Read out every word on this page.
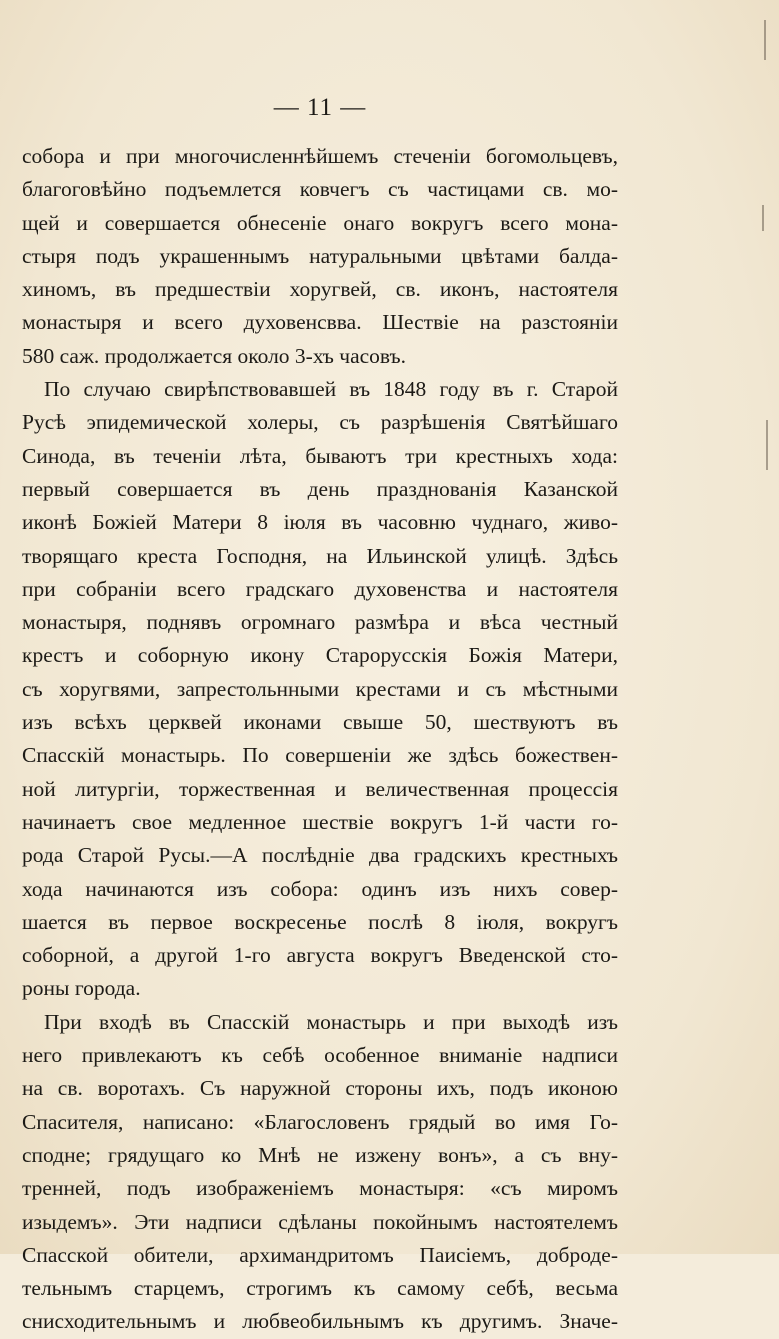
— 11 —
собора и при многочисленнѣйшемъ стеченіи богомольцевъ,
благоговѣйно подъемлется ковчегъ съ частицами св. мо-
щей и совершается обнесеніе онаго вокругъ всего мона-
стыря подъ украшеннымъ натуральными цвѣтами балда-
хиномъ, въ предшествіи хоругвей, св. иконъ, настоятеля
монастыря и всего духовенсвва. Шествіе на разстояніи
580 саж. продолжается около 3-хъ часовъ.
По случаю свирѣпствовавшей въ 1848 году въ г. Старой
Русѣ эпидемической холеры, съ разрѣшенія Святѣйшаго
Синода, въ теченіи лѣта, бываютъ три крестныхъ хода:
первый совершается въ день празднованія Казанской
иконѣ Божіей Матери 8 іюля въ часовню чуднаго, живо-
творящаго креста Господня, на Ильинской улицѣ. Здѣсь
при собраніи всего градскаго духовенства и настоятеля
монастыря, поднявъ огромнаго размѣра и вѣса честный
крестъ и соборную икону Старорусскія Божія Матери,
съ хоругвями, запрестольнными крестами и съ мѣстными
изъ всѣхъ церквей иконами свыше 50, шествуютъ въ
Спасскій монастырь. По совершеніи же здѣсь божествен-
ной литургіи, торжественная и величественная процессія
начинаетъ свое медленное шествіе вокругъ 1-й части го-
рода Старой Русы.—А послѣдніе два градскихъ крестныхъ
хода начинаются изъ собора: одинъ изъ нихъ совер-
шается въ первое воскресенье послѣ 8 іюля, вокругъ
соборной, а другой 1-го августа вокругъ Введенской сто-
роны города.
При входѣ въ Спасскій монастырь и при выходѣ изъ
него привлекаютъ къ себѣ особенное вниманіе надписи
на св. воротахъ. Съ наружной стороны ихъ, подъ иконою
Спасителя, написано: «Благословенъ грядый во имя Го-
сподне; грядущаго ко Мнѣ не изжену вонъ», а съ вну-
тренней, подъ изображеніемъ монастыря: «съ миромъ
изыдемъ». Эти надписи сдѣланы покойнымъ настоятелемъ
Спасской обители, архимандритомъ Паисіемъ, доброде-
тельнымъ старцемъ, строгимъ къ самому себѣ, весьма
снисходительнымъ и любвеобильнымъ къ другимъ. Значе-
